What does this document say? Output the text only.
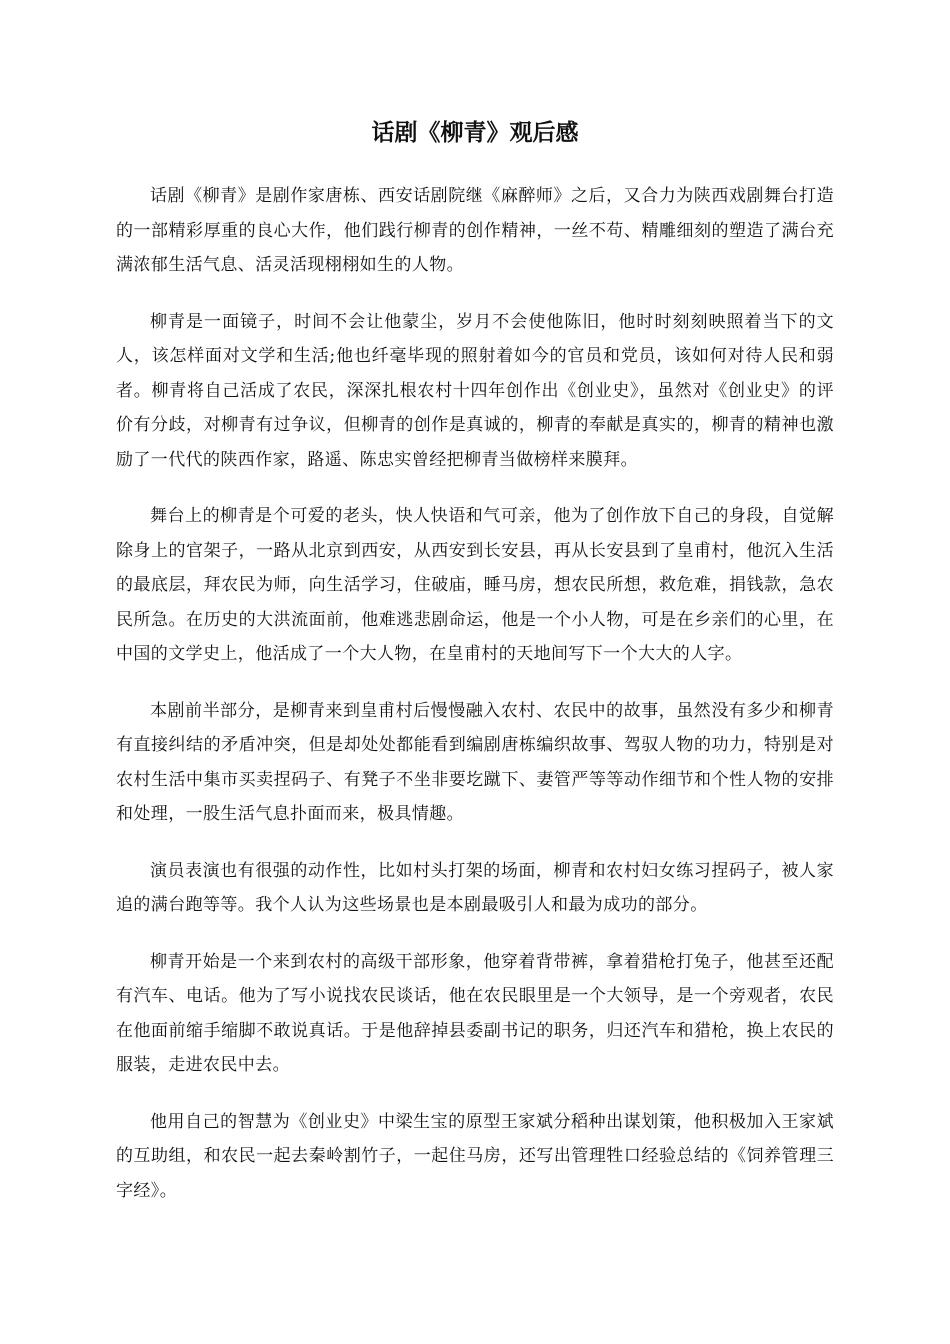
话剧《柳青》观后感

话剧《柳青》是剧作家唐栋、西安话剧院继《麻醉师》之后，又合力为陕西戏剧舞台打造的一部精彩厚重的良心大作，他们践行柳青的创作精神，一丝不苟、精雕细刻的塑造了满台充满浓郁生活气息、活灵活现栩栩如生的人物。

柳青是一面镜子，时间不会让他蒙尘，岁月不会使他陈旧，他时时刻刻映照着当下的文人，该怎样面对文学和生活;他也纤毫毕现的照射着如今的官员和党员，该如何对待人民和弱者。柳青将自己活成了农民，深深扎根农村十四年创作出《创业史》，虽然对《创业史》的评价有分歧，对柳青有过争议，但柳青的创作是真诚的，柳青的奉献是真实的，柳青的精神也激励了一代代的陕西作家，路遥、陈忠实曾经把柳青当做榜样来膜拜。

舞台上的柳青是个可爱的老头，快人快语和气可亲，他为了创作放下自己的身段，自觉解除身上的官架子，一路从北京到西安，从西安到长安县，再从长安县到了皇甫村，他沉入生活的最底层，拜农民为师，向生活学习，住破庙，睡马房，想农民所想，救危难，捐钱款，急农民所急。在历史的大洪流面前，他难逃悲剧命运，他是一个小人物，可是在乡亲们的心里，在中国的文学史上，他活成了一个大人物，在皇甫村的天地间写下一个大大的人字。

本剧前半部分，是柳青来到皇甫村后慢慢融入农村、农民中的故事，虽然没有多少和柳青有直接纠结的矛盾冲突，但是却处处都能看到编剧唐栋编织故事、驾驭人物的功力，特别是对农村生活中集市买卖捏码子、有凳子不坐非要圪蹴下、妻管严等等动作细节和个性人物的安排和处理，一股生活气息扑面而来，极具情趣。

演员表演也有很强的动作性，比如村头打架的场面，柳青和农村妇女练习捏码子，被人家追的满台跑等等。我个人认为这些场景也是本剧最吸引人和最为成功的部分。

柳青开始是一个来到农村的高级干部形象，他穿着背带裤，拿着猎枪打兔子，他甚至还配有汽车、电话。他为了写小说找农民谈话，他在农民眼里是一个大领导，是一个旁观者，农民在他面前缩手缩脚不敢说真话。于是他辞掉县委副书记的职务，归还汽车和猎枪，换上农民的服装，走进农民中去。

他用自己的智慧为《创业史》中梁生宝的原型王家斌分稻种出谋划策，他积极加入王家斌的互助组，和农民一起去秦岭割竹子，一起住马房，还写出管理牲口经验总结的《饲养管理三字经》。
